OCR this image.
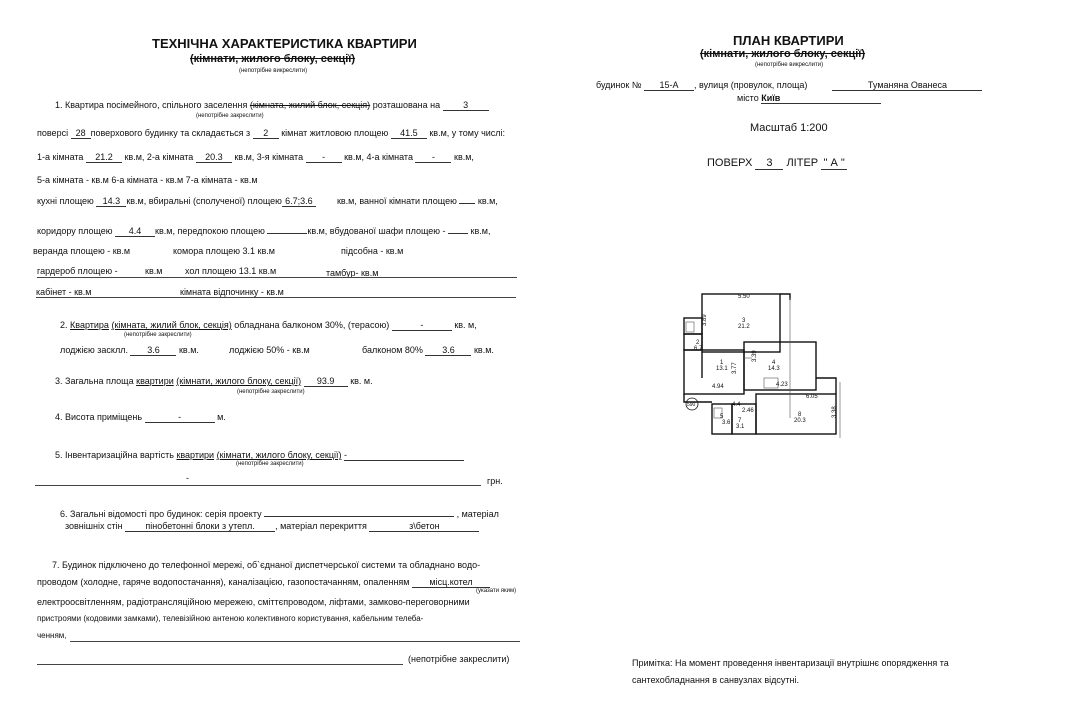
ТЕХНІЧНА ХАРАКТЕРИСТИКА КВАРТИРИ
(кімнати, жилого блоку, секції)
(непотрібне викреслити)
1. Квартира посімейного, спільного заселення (кімната, жилий блок, секція) розташована на	3
(непотрібне закреслити)
поверсі 28 поверхового будинку та складається з 2 кімнат житловою площею 41.5 кв.м, у тому числі:
1-а кімната 21.2 кв.м, 2-а кімната 20.3 кв.м, 3-я кімната - кв.м, 4-а кімната - кв.м,
5-а кімната - кв.м 6-а кімната - кв.м 7-а кімната - кв.м
кухні площею 14.3 кв.м, вбиральні (сполученої) площею 6.7;3.6	кв.м, ванної кімнати площею кв.м,
коридору площею 4.4 кв.м, передпокою площею	кв.м, вбудованої шафи площею -	кв.м,
веранда площею - кв.м	комора площею 3.1 кв.м	підсобна - кв.м
гардероб площею -	кв.м	хол площею 13.1 кв.м	тамбур- кв.м
кабінет - кв.м	кімната відпочинку - кв.м
2. Квартира (кімната, жилий блок, секція) обладнана балконом 30%, (терасою)	-	кв. м,
(непотрібне закреслити)
лоджією засклл. 3.6 кв.м.	лоджією 50% - кв.м	балконом 80% 3.6 кв.м.
3. Загальна площа квартири (кімнати, жилого блоку, секції) 93.9 кв. м.
(непотрібне закреслити)
4. Висота приміщень	-	м.
5. Інвентаризаційна вартість квартири (кімнати, жилого блоку, секції) -
(непотрібне закреслити)
-	грн.
6. Загальні відомості про будинок: серія проекту	, матеріал
зовнішніх стін	пінобетонні блоки з утепл. , матеріал перекриття	з\бетон
7. Будинок підключено до телефонної мережі, об`єднаної диспетчерської системи та обладнано водо-
проводом (холодне, гаряче водопостачання), каналізацією, газопостачанням, опаленням місц.котел
(указати яким)
електроосвітленням, радіотрансляційною мережею, сміттєпроводом, ліфтами, замково-переговорними
пристроями (кодовими замками), телевізійною антеною колективного користування, кабельним телеба-
ченням,
(непотрібне закреслити)
ПЛАН КВАРТИРИ
(кімнати, жилого блоку, секції)
(непотрібне викреслити)
будинок № 15-А , вулиця (провулок, площа)	Туманяна Ованеса
місто Київ
Масштаб 1:200
ПОВЕРХ 3 ЛІТЕР " А "
5.50
3
21.2
3.89
2
6.7
1
13.1 3.77
3.39
4
14.3
4.23
4.94
6.05
4.4
2.46
5
3.6 7
3.1
8
20.3
3.38
590
Примітка: На момент проведення інвентаризації внутрішнє опорядження та
сантехобладнання в санвузлах відсутні.
